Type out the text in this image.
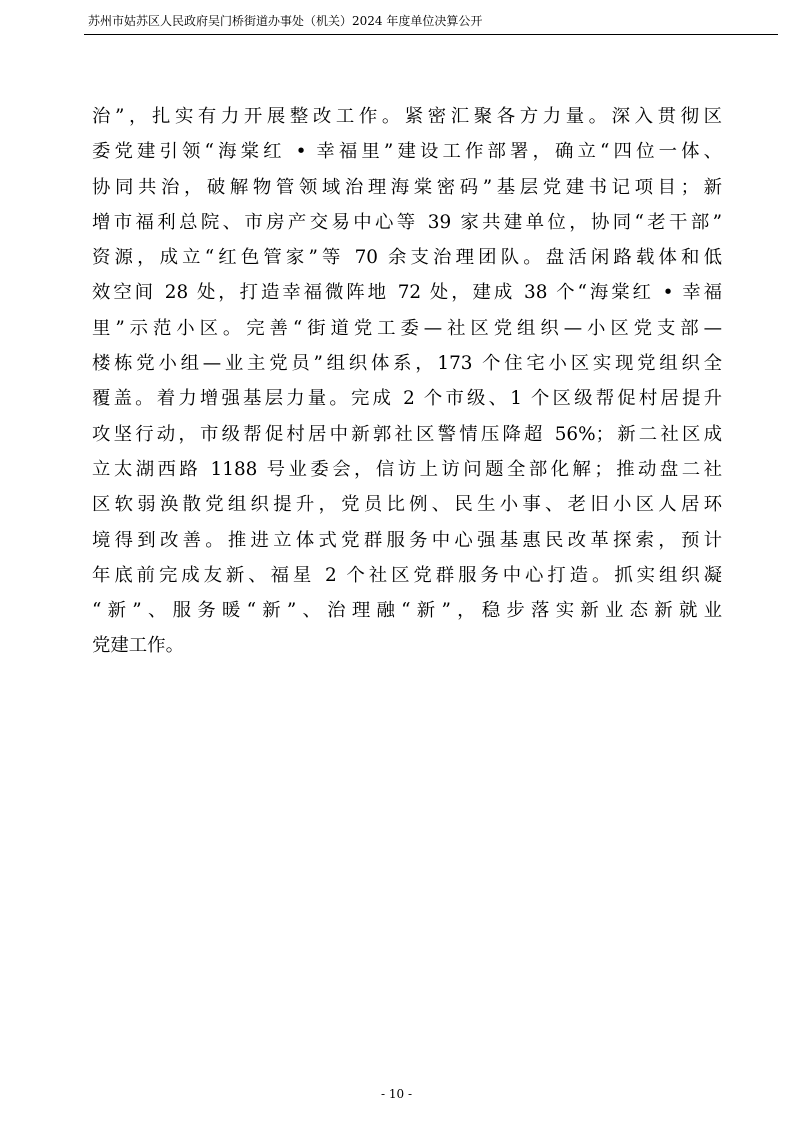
苏州市姑苏区人民政府吴门桥街道办事处（机关）2024 年度单位决算公开
治”，扎实有力开展整改工作。紧密汇聚各方力量。深入贯彻区
委党建引领“海棠红 • 幸福里”建设工作部署，确立“四位一体、
协同共治，破解物管领域治理海棠密码”基层党建书记项目；新
增市福利总院、市房产交易中心等 39 家共建单位，协同“老干部”
资源，成立“红色管家”等 70 余支治理团队。盘活闲路载体和低
效空间 28 处，打造幸福微阵地 72 处，建成 38 个“海棠红 • 幸福
里”示范小区。完善“街道党工委—社区党组织—小区党支部—
楼栋党小组—业主党员”组织体系，173 个住宅小区实现党组织全
覆盖。着力增强基层力量。完成 2 个市级、1 个区级帮促村居提升
攻坚行动，市级帮促村居中新郭社区警情压降超 56%；新二社区成
立太湖西路 1188 号业委会，信访上访问题全部化解；推动盘二社
区软弱涣散党组织提升，党员比例、民生小事、老旧小区人居环
境得到改善。推进立体式党群服务中心强基惠民改革探索，预计
年底前完成友新、福星 2 个社区党群服务中心打造。抓实组织凝
“新”、服务暖“新”、治理融“新”，稳步落实新业态新就业
党建工作。
- 10 -
